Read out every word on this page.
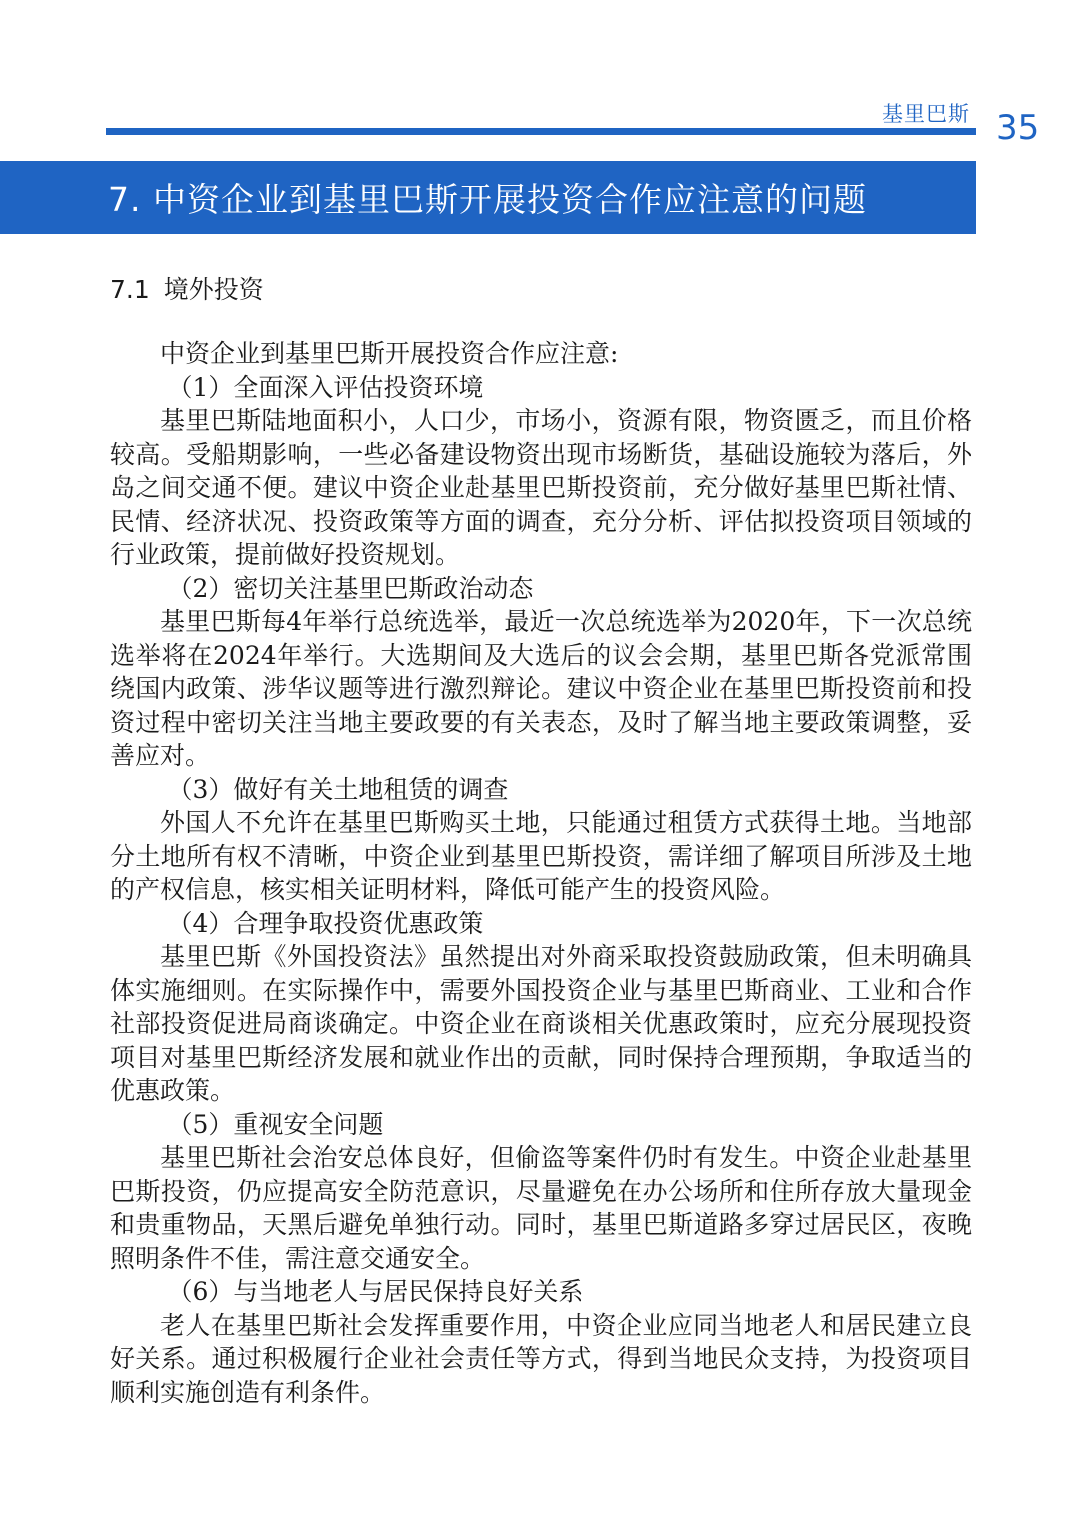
基里巴斯 35
7. 中资企业到基里巴斯开展投资合作应注意的问题
7.1 境外投资

中资企业到基里巴斯开展投资合作应注意:

（1）全面深入评估投资环境

基里巴斯陆地面积小，人口少，市场小，资源有限，物资匮乏，而且价格较高。受船期影响，一些必备建设物资出现市场断货，基础设施较为落后，外岛之间交通不便。建议中资企业赴基里巴斯投资前，充分做好基里巴斯社情、民情、经济状况、投资政策等方面的调查，充分分析、评估拟投资项目领域的行业政策，提前做好投资规划。

（2）密切关注基里巴斯政治动态

基里巴斯每4年举行总统选举，最近一次总统选举为2020年，下一次总统选举将在2024年举行。大选期间及大选后的议会会期，基里巴斯各党派常围绕国内政策、涉华议题等进行激烈辩论。建议中资企业在基里巴斯投资前和投资过程中密切关注当地主要政要的有关表态，及时了解当地主要政策调整，妥善应对。

（3）做好有关土地租赁的调查

外国人不允许在基里巴斯购买土地，只能通过租赁方式获得土地。当地部分土地所有权不清晰，中资企业到基里巴斯投资，需详细了解项目所涉及土地的产权信息，核实相关证明材料，降低可能产生的投资风险。

（4）合理争取投资优惠政策

基里巴斯《外国投资法》虽然提出对外商采取投资鼓励政策，但未明确具体实施细则。在实际操作中，需要外国投资企业与基里巴斯商业、工业和合作社部投资促进局商谈确定。中资企业在商谈相关优惠政策时，应充分展现投资项目对基里巴斯经济发展和就业作出的贡献，同时保持合理预期，争取适当的优惠政策。

（5）重视安全问题

基里巴斯社会治安总体良好，但偷盗等案件仍时有发生。中资企业赴基里巴斯投资，仍应提高安全防范意识，尽量避免在办公场所和住所存放大量现金和贵重物品，天黑后避免单独行动。同时，基里巴斯道路多穿过居民区，夜晚照明条件不佳，需注意交通安全。

（6）与当地老人与居民保持良好关系

老人在基里巴斯社会发挥重要作用，中资企业应同当地老人和居民建立良好关系。通过积极履行企业社会责任等方式，得到当地民众支持，为投资项目顺利实施创造有利条件。
